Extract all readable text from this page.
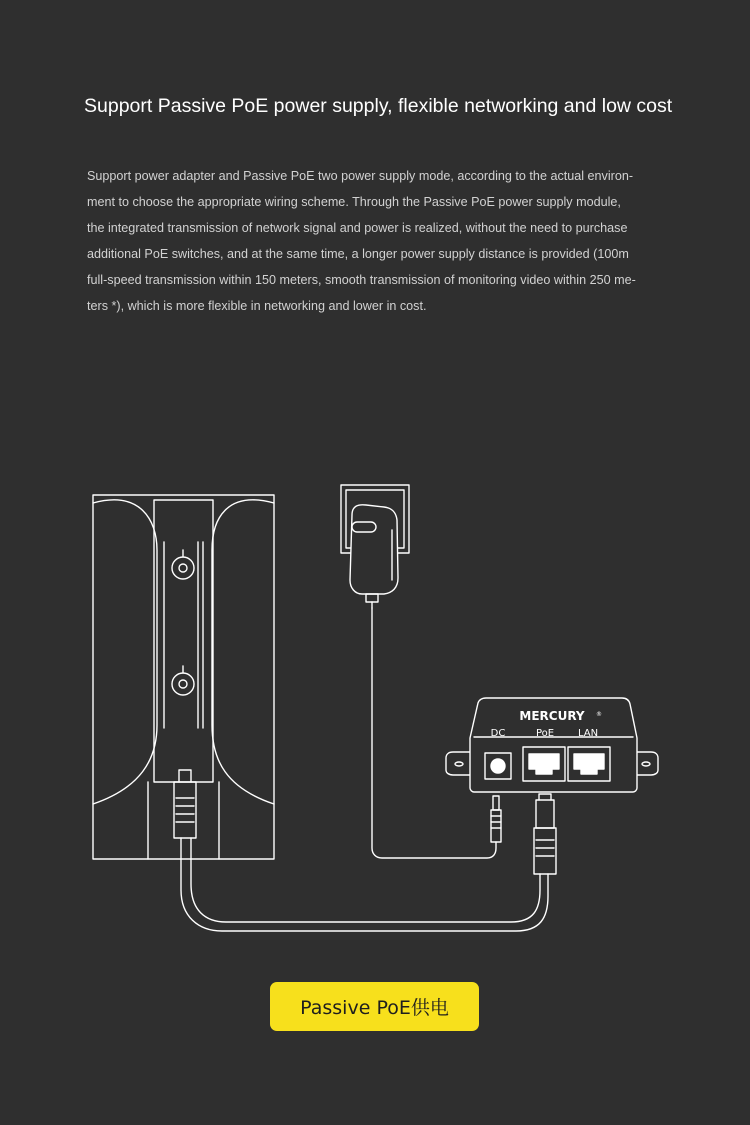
Support Passive PoE power supply, flexible networking and low cost

Support power adapter and Passive PoE two power supply mode, according to the actual environ-
ment to choose the appropriate wiring scheme. Through the Passive PoE power supply module,
the integrated transmission of network signal and power is realized, without the need to purchase
additional PoE switches, and at the same time, a longer power supply distance is provided (100m
full-speed transmission within 150 meters, smooth transmission of monitoring video within 250 me-
ters *), which is more flexible in networking and lower in cost.

MERCURY ®
DC	PoE LAN
Passive PoE供电
